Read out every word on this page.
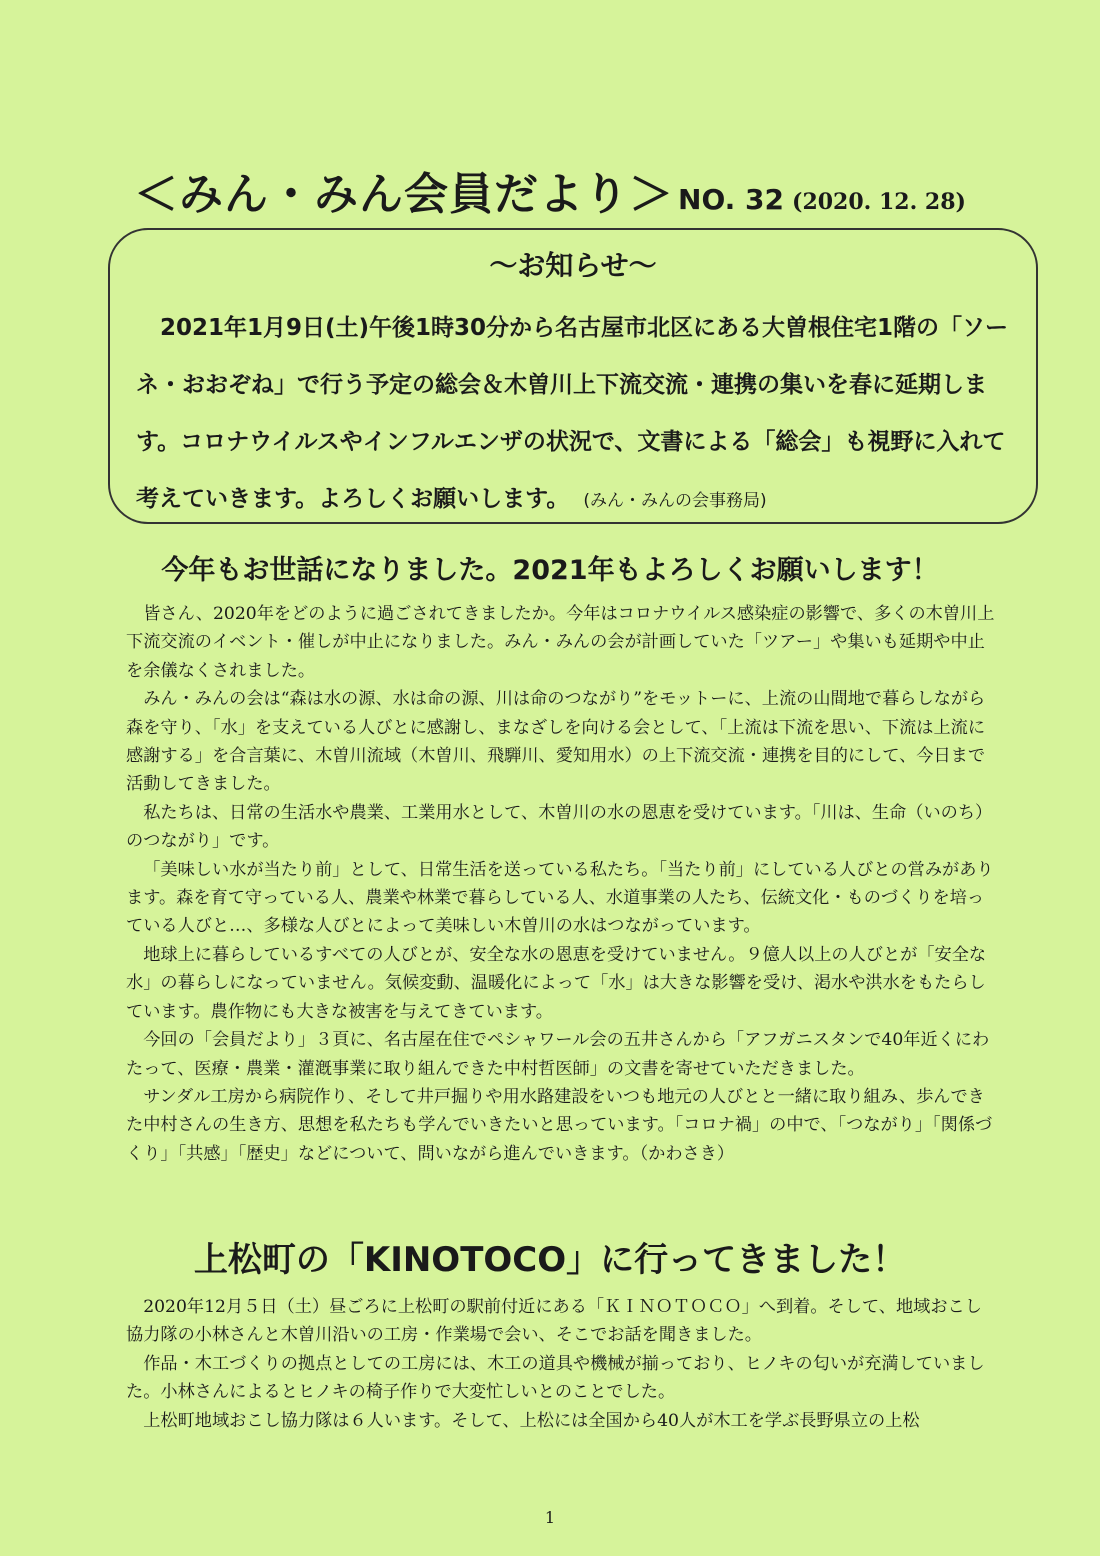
＜みん・みん会員だより＞ NO. 32 (2020. 12. 28)
～お知らせ～
2021年1月9日(土)午後1時30分から名古屋市北区にある大曽根住宅1階の「ソーネ・おおぞね」で行う予定の総会＆木曽川上下流交流・連携の集いを春に延期します。コロナウイルスやインフルエンザの状況で、文書による「総会」も視野に入れて考えていきます。よろしくお願いします。 (みん・みんの会事務局)
今年もお世話になりました。2021年もよろしくお願いします！

皆さん、2020年をどのように過ごされてきましたか。今年はコロナウイルス感染症の影響で、多くの木曽川上下流交流のイベント・催しが中止になりました。みん・みんの会が計画していた「ツアー」や集いも延期や中止を余儀なくされました。

みん・みんの会は“森は水の源、水は命の源、川は命のつながり”をモットーに、上流の山間地で暮らしながら森を守り、「水」を支えている人びとに感謝し、まなざしを向ける会として、「上流は下流を思い、下流は上流に感謝する」を合言葉に、木曽川流域（木曽川、飛騨川、愛知用水）の上下流交流・連携を目的にして、今日まで活動してきました。

私たちは、日常の生活水や農業、工業用水として、木曽川の水の恩恵を受けています。「川は、生命（いのち）のつながり」です。

「美味しい水が当たり前」として、日常生活を送っている私たち。「当たり前」にしている人びとの営みがあります。森を育て守っている人、農業や林業で暮らしている人、水道事業の人たち、伝統文化・ものづくりを培っている人びと…、多様な人びとによって美味しい木曽川の水はつながっています。

地球上に暮らしているすべての人びとが、安全な水の恩恵を受けていません。９億人以上の人びとが「安全な水」の暮らしになっていません。気候変動、温暖化によって「水」は大きな影響を受け、渇水や洪水をもたらしています。農作物にも大きな被害を与えてきています。

今回の「会員だより」３頁に、名古屋在住でペシャワール会の五井さんから「アフガニスタンで40年近くにわたって、医療・農業・灌漑事業に取り組んできた中村哲医師」の文書を寄せていただきました。

サンダル工房から病院作り、そして井戸掘りや用水路建設をいつも地元の人びとと一緒に取り組み、歩んできた中村さんの生き方、思想を私たちも学んでいきたいと思っています。「コロナ禍」の中で、「つながり」「関係づくり」「共感」「歴史」などについて、問いながら進んでいきます。（かわさき）

上松町の「KINOTOCO」に行ってきました！

2020年12月５日（土）昼ごろに上松町の駅前付近にある「ＫＩＮＯＴＯＣＯ」へ到着。そして、地域おこし協力隊の小林さんと木曽川沿いの工房・作業場で会い、そこでお話を聞きました。

作品・木工づくりの拠点としての工房には、木工の道具や機械が揃っており、ヒノキの匂いが充満していました。小林さんによるとヒノキの椅子作りで大変忙しいとのことでした。

上松町地域おこし協力隊は６人います。そして、上松には全国から40人が木工を学ぶ長野県立の上松

1
